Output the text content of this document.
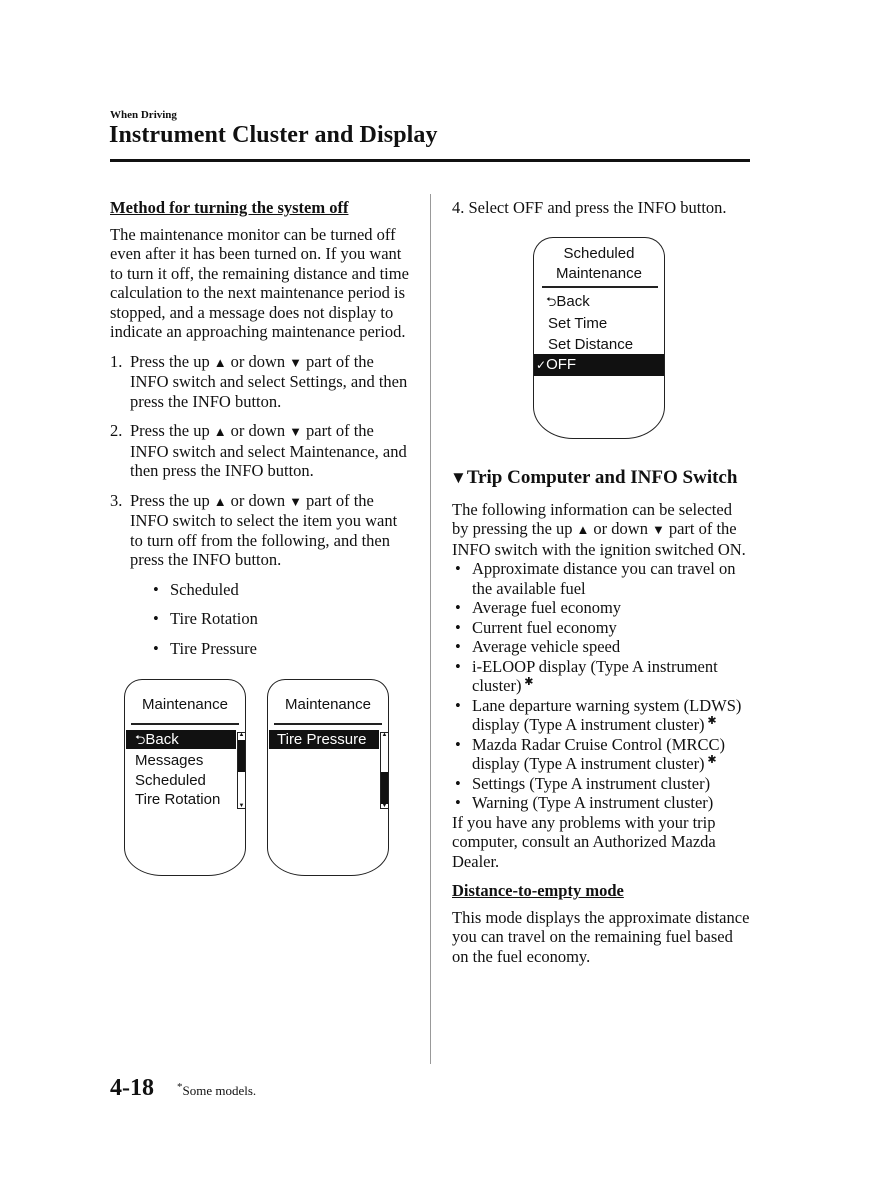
When Driving
Instrument Cluster and Display

Method for turning the system off

The maintenance monitor can be turned off even after it has been turned on. If you want to turn it off, the remaining distance and time calculation to the next maintenance period is stopped, and a message does not display to indicate an approaching maintenance period.

1. Press the up ▲ or down ▼ part of the INFO switch and select Settings, and then press the INFO button.
2. Press the up ▲ or down ▼ part of the INFO switch and select Maintenance, and then press the INFO button.
3. Press the up ▲ or down ▼ part of the INFO switch to select the item you want to turn off from the following, and then press the INFO button.
• Scheduled
• Tire Rotation
• Tire Pressure
Maintenance
⮌Back
Messages
Scheduled
Tire Rotation
▲
▼
Maintenance
Tire Pressure	▲
▼

4. Select OFF and press the INFO button.

Scheduled
Maintenance
⮌Back
Set Time
Set Distance
✓OFF

▼Trip Computer and INFO Switch

The following information can be selected by pressing the up ▲ or down ▼ part of the INFO switch with the ignition switched ON.

• Approximate distance you can travel on the available fuel
• Average fuel economy
• Current fuel economy
• Average vehicle speed
• i-ELOOP display (Type A instrument cluster) ✱
• Lane departure warning system (LDWS) display (Type A instrument cluster) ✱
• Mazda Radar Cruise Control (MRCC) display (Type A instrument cluster) ✱
• Settings (Type A instrument cluster)
• Warning (Type A instrument cluster)

If you have any problems with your trip computer, consult an Authorized Mazda Dealer.

Distance-to-empty mode

This mode displays the approximate distance you can travel on the remaining fuel based on the fuel economy.

4-18 *Some models.
